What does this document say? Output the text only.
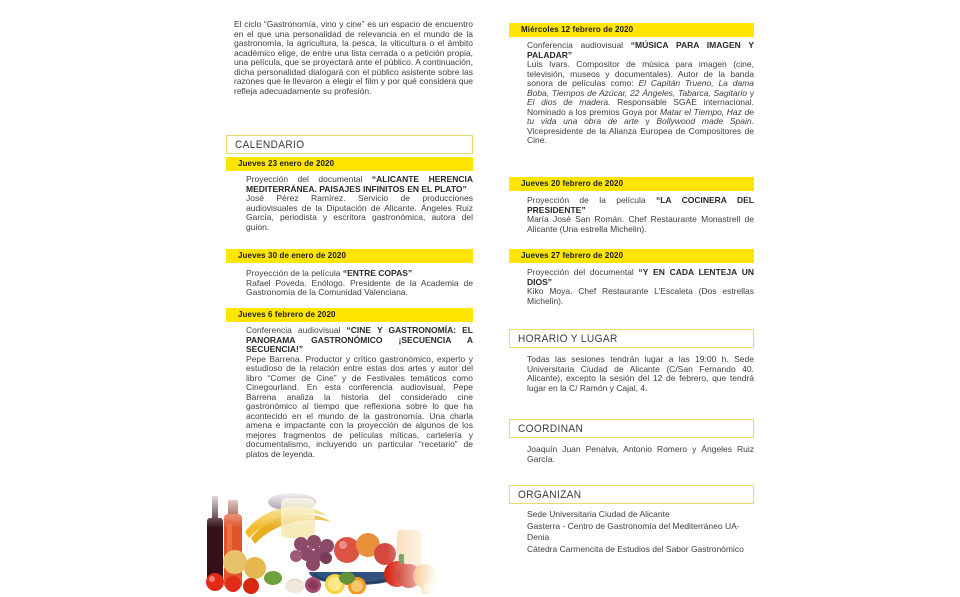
El ciclo “Gastronomía, vino y cine” es un espacio de encuentro en el que una personalidad de relevancia en el mundo de la gastronomía, la agricultura, la pesca, la viticultura o el ámbito académico elige, de entre una lista cerrada o a petición propia, una película, que se proyectará ante el público. A continuación, dicha personalidad dialogará con el público asistente sobre las razones que le llevaron a elegir el film y por qué considera que refleja adecuadamente su profesión.
CALENDARIO
Jueves 23 enero de 2020

Proyección del documental “ALICANTE HERENCIA MEDITERRÁNEA. PAISAJES INFINITOS EN EL PLATO”

José Pérez Ramírez. Servicio de producciones audiovisuales de la Diputación de Alicante. Ángeles Ruiz García, periodista y escritora gastronómica, autora del guion.

Jueves 30 de enero de 2020

Proyección de la película “ENTRE COPAS”

Rafael Poveda. Enólogo. Presidente de la Academia de Gastronomía de la Comunidad Valenciana.

Jueves 6 febrero de 2020

Conferencia audiovisual “CINE Y GASTRONOMÍA: EL PANORAMA GASTRONÓMICO ¡SECUENCIA A SECUENCIA!”

Pepe Barrena. Productor y crítico gastronómico, experto y estudioso de la relación entre estas dos artes y autor del libro “Comer de Cine” y de Festivales temáticos como Cinegourland. En esta conferencia audiovisual, Pepe Barrena analiza la historia del considerado cine gastronómico al tiempo que reflexiona sobre lo que ha acontecido en el mundo de la gastronomía. Una charla amena e impactante con la proyección de algunos de los mejores fragmentos de películas míticas, cartelería y documentalismo, incluyendo un particular “recetario” de platos de leyenda.

Miércoles 12 febrero de 2020

Conferencia audiovisual “MÚSICA PARA IMAGEN Y PALADAR”

Luis Ivars. Compositor de música para imagen (cine, televisión, museos y documentales). Autor de la banda sonora de películas como: El Capitán Trueno, La dama Boba, Tiempos de Azúcar, 22 Ángeles, Tabarca, Sagitario y El dios de madera. Responsable SGAE internacional. Nominado a los premios Goya por Matar el Tiempo, Haz de tu vida una obra de arte y Bollywood made Spain. Vicepresidente de la Alianza Europea de Compositores de Cine.

Jueves 20 febrero de 2020

Proyección de la película “LA COCINERA DEL PRESIDENTE”

María José San Román. Chef Restaurante Monastrell de Alicante (Una estrella Michelin).

Jueves 27 febrero de 2020

Proyección del documental “Y EN CADA LENTEJA UN DIOS”

Kiko Moya. Chef Restaurante L’Escaleta (Dos estrellas Michelin).

HORARIO Y LUGAR
Todas las sesiones tendrán lugar a las 19:00 h. Sede Universitaria Ciudad de Alicante (C/San Fernando 40. Alicante), excepto la sesión del 12 de febrero, que tendrá lugar en la C/ Ramón y Cajal, 4.
COORDINAN
Joaquín Juan Penalva, Antonio Romero y Ángeles Ruiz García.
ORGANIZAN
Sede Universitaria Ciudad de Alicante
Gasterra - Centro de Gastronomía del Mediterráneo UA-Denia
Cátedra Carmencita de Estudios del Sabor Gastronómico
